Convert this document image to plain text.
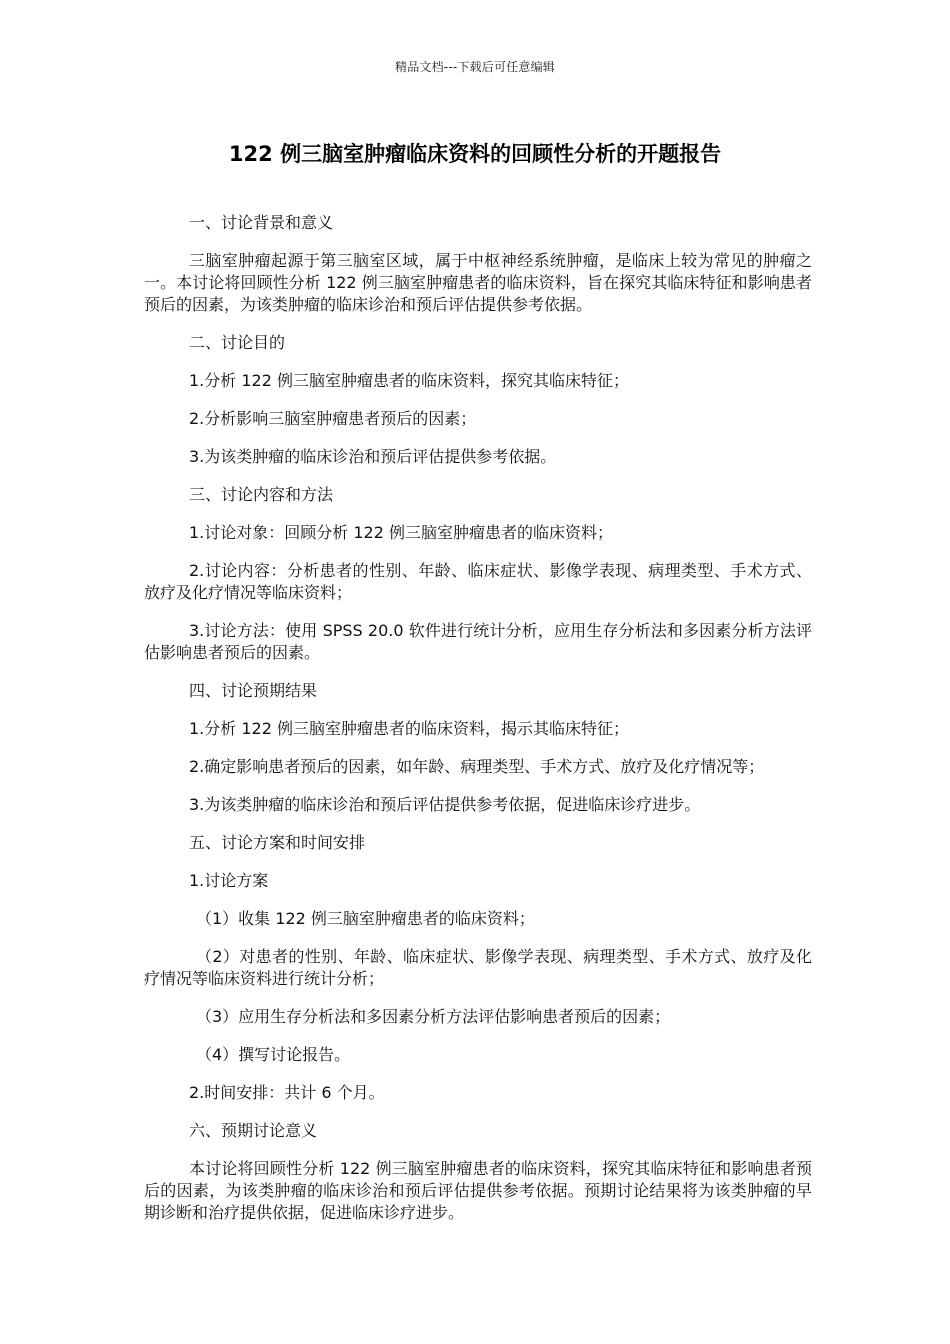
精品文档---下载后可任意编辑
122 例三脑室肿瘤临床资料的回顾性分析的开题报告

一、讨论背景和意义

三脑室肿瘤起源于第三脑室区域，属于中枢神经系统肿瘤，是临床上较为常见的肿瘤之一。本讨论将回顾性分析 122 例三脑室肿瘤患者的临床资料，旨在探究其临床特征和影响患者预后的因素，为该类肿瘤的临床诊治和预后评估提供参考依据。

二、讨论目的

1.分析 122 例三脑室肿瘤患者的临床资料，探究其临床特征；

2.分析影响三脑室肿瘤患者预后的因素；

3.为该类肿瘤的临床诊治和预后评估提供参考依据。

三、讨论内容和方法

1.讨论对象：回顾分析 122 例三脑室肿瘤患者的临床资料；

2.讨论内容：分析患者的性别、年龄、临床症状、影像学表现、病理类型、手术方式、放疗及化疗情况等临床资料；

3.讨论方法：使用 SPSS 20.0 软件进行统计分析，应用生存分析法和多因素分析方法评估影响患者预后的因素。

四、讨论预期结果

1.分析 122 例三脑室肿瘤患者的临床资料，揭示其临床特征；

2.确定影响患者预后的因素，如年龄、病理类型、手术方式、放疗及化疗情况等；

3.为该类肿瘤的临床诊治和预后评估提供参考依据，促进临床诊疗进步。

五、讨论方案和时间安排

1.讨论方案

（1）收集 122 例三脑室肿瘤患者的临床资料；

（2）对患者的性别、年龄、临床症状、影像学表现、病理类型、手术方式、放疗及化疗情况等临床资料进行统计分析；

（3）应用生存分析法和多因素分析方法评估影响患者预后的因素；

（4）撰写讨论报告。

2.时间安排：共计 6 个月。

六、预期讨论意义

本讨论将回顾性分析 122 例三脑室肿瘤患者的临床资料，探究其临床特征和影响患者预后的因素，为该类肿瘤的临床诊治和预后评估提供参考依据。预期讨论结果将为该类肿瘤的早期诊断和治疗提供依据，促进临床诊疗进步。
